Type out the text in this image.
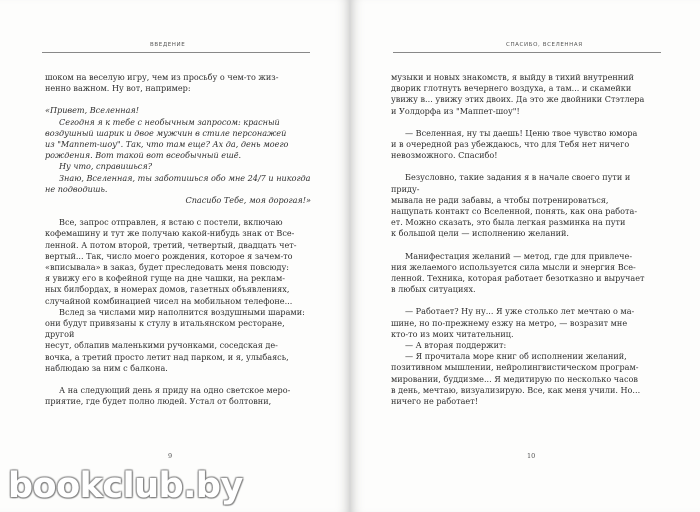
ВВЕДЕНИЕ

шоком на веселую игру, чем из просьбу о чем-то жиз-

ненно важном. Ну вот, например:

«Привет, Вселенная!

Сегодня я к тебе с необычным запросом: красный

воздушный шарик и двое мужчин в стиле персонажей

из "Маппет-шоу". Так, что там еще? Ах да, день моего

рождения. Вот такой вот всеобычный ешё.

Ну что, справишься?

Знаю, Вселенная, ты заботишься обо мне 24/7 и никогда

не подводишь.

Спасибо Тебе, моя дорогая!»

Все, запрос отправлен, я встаю с постели, включаю

кофемашину и тут же получаю какой-нибудь знак от Все-

ленной. А потом второй, третий, четвертый, двадцать чет-

вертый... Так, число моего рождения, которое я зачем-то

«вписывала» в заказ, будет преследовать меня повсюду:

я увижу его в кофейной гуще на дне чашки, на реклам-

ных билбордах, в номерах домов, газетных объявлениях,

случайной комбинацией чисел на мобильном телефоне...

Вслед за числами мир наполнится воздушными шарами:

они будут привязаны к стулу в итальянском ресторане, другой

несут, облапив маленькими ручонками, соседская де-

вочка, а третий просто летит над парком, и я, улыбаясь,

наблюдаю за ним с балкона.

А на следующий день я приду на одно светское меро-

приятие, где будет полно людей. Устал от болтовни,

9
СПАСИБО, ВСЕЛЕННАЯ

музыки и новых знакомств, я выйду в тихий внутренний

дворик глотнуть вечернего воздуха, а там... и скамейки

увижу в... увижу этих двоих. Да это же двойники Стэтлера

и Уолдорфа из "Маппет-шоу"!

— Вселенная, ну ты даешь! Ценю твое чувство юмора

и в очередной раз убеждаюсь, что для Тебя нет ничего

невозможного. Спасибо!

Безусловно, такие задания я в начале своего пути и приду-

мывала не ради забавы, а чтобы потренироваться,

нащупать контакт со Вселенной, понять, как она работа-

ет. Можно сказать, это была легкая разминка на пути

к большой цели — исполнению желаний.

Манифестация желаний — метод, где для привлече-

ния желаемого используется сила мысли и энергия Все-

ленной. Техника, которая работает безотказно и выручает

в любых ситуациях.

— Работает? Ну ну... Я уже столько лет мечтаю о ма-

шине, но по-прежнему езжу на метро, — возразит мне

кто-то из моих читательниц.

— А вторая поддержит:

— Я прочитала море книг об исполнении желаний,

позитивном мышлении, нейролингвистическом програм-

мировании, буддизме... Я медитирую по несколько часов

в день, мечтаю, визуализирую. Все, как меня учили. Но...

ничего не работает!

10
bookclub.by
